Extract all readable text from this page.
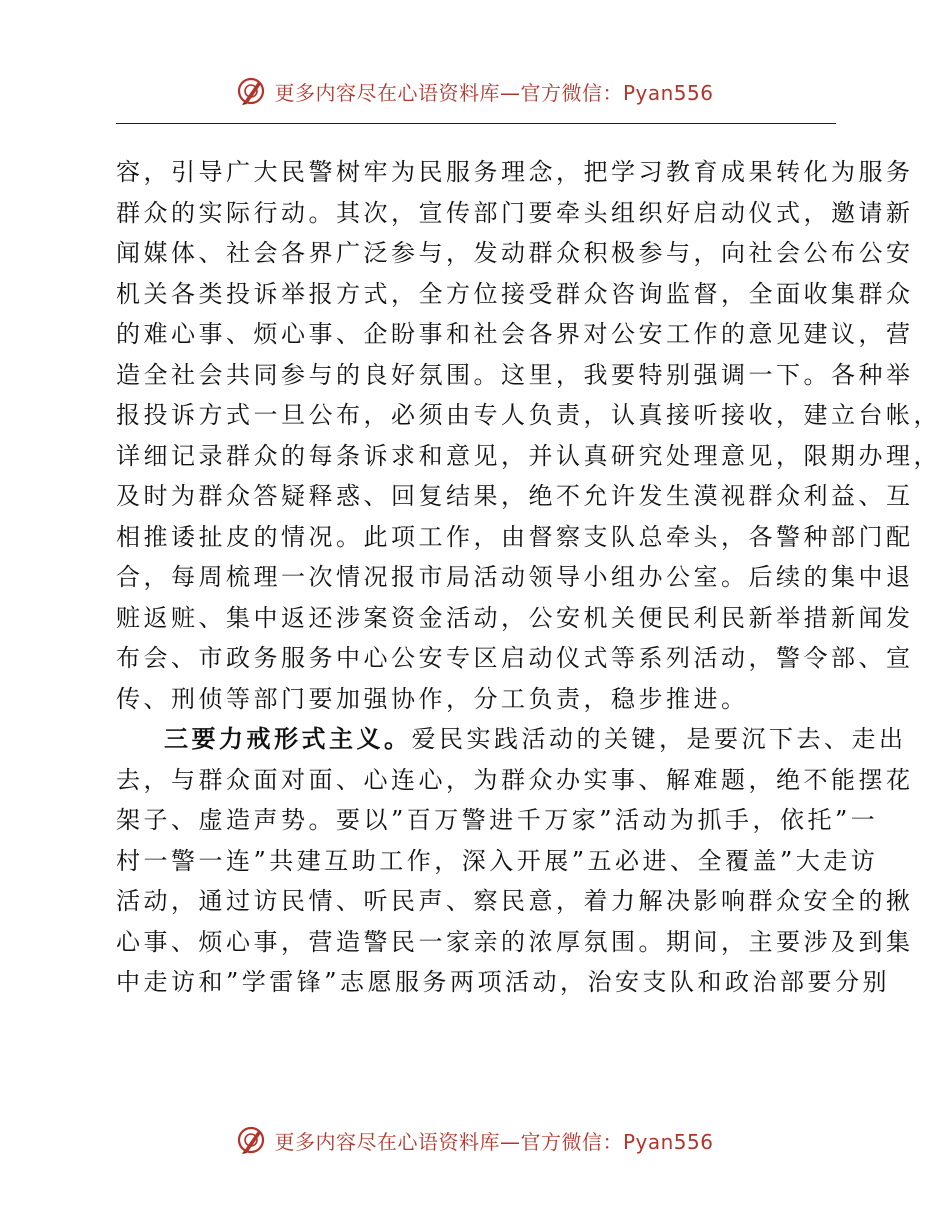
更多内容尽在心语资料库—官方微信：Pyan556
容，引导广大民警树牢为民服务理念，把学习教育成果转化为服务
群众的实际行动。其次，宣传部门要牵头组织好启动仪式，邀请新
闻媒体、社会各界广泛参与，发动群众积极参与，向社会公布公安
机关各类投诉举报方式，全方位接受群众咨询监督，全面收集群众
的难心事、烦心事、企盼事和社会各界对公安工作的意见建议，营
造全社会共同参与的良好氛围。这里，我要特别强调一下。各种举
报投诉方式一旦公布，必须由专人负责，认真接听接收，建立台帐，
详细记录群众的每条诉求和意见，并认真研究处理意见，限期办理，
及时为群众答疑释惑、回复结果，绝不允许发生漠视群众利益、互
相推诿扯皮的情况。此项工作，由督察支队总牵头，各警种部门配
合，每周梳理一次情况报市局活动领导小组办公室。后续的集中退
赃返赃、集中返还涉案资金活动，公安机关便民利民新举措新闻发
布会、市政务服务中心公安专区启动仪式等系列活动，警令部、宣
传、刑侦等部门要加强协作，分工负责，稳步推进。
三要力戒形式主义。爱民实践活动的关键，是要沉下去、走出
去，与群众面对面、心连心，为群众办实事、解难题，绝不能摆花
架子、虚造声势。要以”百万警进千万家”活动为抓手，依托”一
村一警一连”共建互助工作，深入开展”五必进、全覆盖”大走访
活动，通过访民情、听民声、察民意，着力解决影响群众安全的揪
心事、烦心事，营造警民一家亲的浓厚氛围。期间，主要涉及到集
中走访和”学雷锋”志愿服务两项活动，治安支队和政治部要分别
更多内容尽在心语资料库—官方微信：Pyan556
